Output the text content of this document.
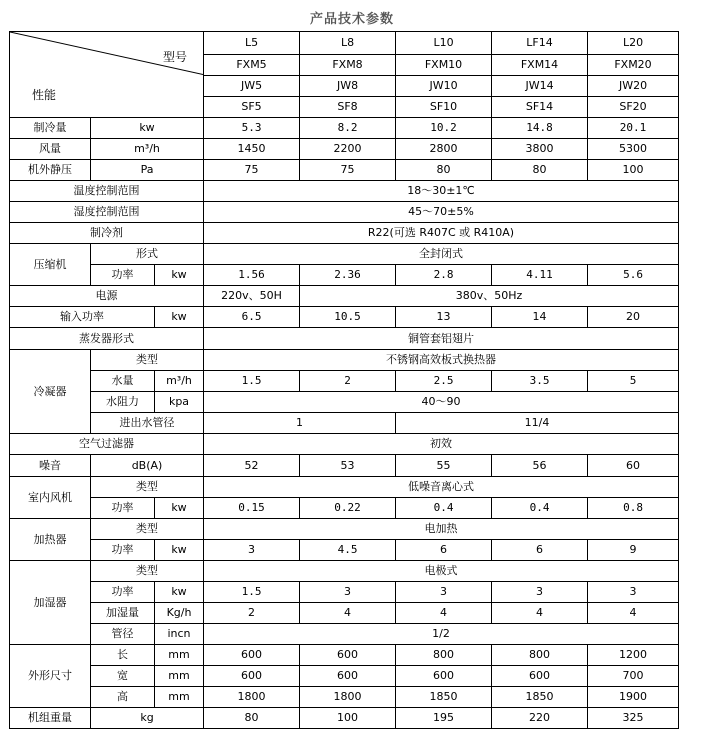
产品技术参数
型号
性能			L5	L8	L10	LF14	L20
			FXM5	FXM8	FXM10	FXM14	FXM20
			JW5	JW8	JW10	JW14	JW20
			SF5	SF8	SF10	SF14	SF20
制冷量	kw		5.3	8.2	10.2	14.8	20.1
风量	m³/h		1450	2200	2800	3800	5300
机外静压	Pa		75	75	80	80	100
温度控制范围			18～30±1℃				
湿度控制范围			45～70±5%				
制冷剂			R22(可选 R407C 或 R410A)				
压缩机	形式		全封闭式				
	功率	kw	1.56	2.36	2.8	4.11	5.6
电源			220v、50H	380v、50Hz			
输入功率		kw	6.5	10.5	13	14	20
蒸发器形式			铜管套铝翅片				
冷凝器	类型		不锈钢高效板式换热器				
	水量	m³/h	1.5	2	2.5	3.5	5
	水阻力	kpa	40～90				
	进出水管径		1		11/4		
空气过滤器			初效				
噪音	dB(A)		52	53	55	56	60
室内风机	类型		低噪音离心式				
	功率	kw	0.15	0.22	0.4	0.4	0.8
加热器	类型		电加热				
	功率	kw	3	4.5	6	6	9
加湿器	类型		电极式				
	功率	kw	1.5	3	3	3	3
	加湿量	Kg/h	2	4	4	4	4
	管径	incn	1/2				
外形尺寸	长	mm	600	600	800	800	1200
	宽	mm	600	600	600	600	700
	高	mm	1800	1800	1850	1850	1900
机组重量	kg		80	100	195	220	325
